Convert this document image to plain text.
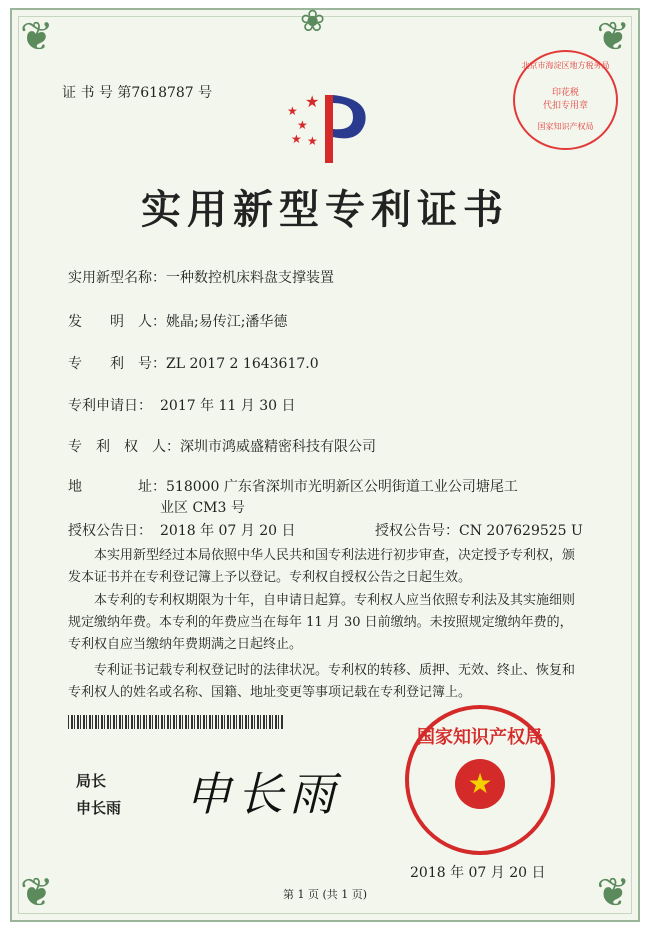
❦	❦
❦	❦
❀
证 书 号 第7618787 号
★
★
★ ★
★
实用新型专利证书
实用新型名称：一种数控机床料盘支撑装置
发　　明　人：姚晶;易传江;潘华德
专　　利　号：ZL 2017 2 1643617.0
专利申请日： 2017 年 11 月 30 日
专　利　权　人：深圳市鸿威盛精密科技有限公司
地　　　　址：518000 广东省深圳市光明新区公明街道工业公司塘尾工
业区 CM3 号
授权公告日： 2018 年 07 月 20 日	授权公告号：CN 207629525 U
本实用新型经过本局依照中华人民共和国专利法进行初步审查，决定授予专利权，颁发本证书并在专利登记簿上予以登记。专利权自授权公告之日起生效。
本专利的专利权期限为十年，自申请日起算。专利权人应当依照专利法及其实施细则规定缴纳年费。本专利的年费应当在每年 11 月 30 日前缴纳。未按照规定缴纳年费的，专利权自应当缴纳年费期满之日起终止。
专利证书记载专利权登记时的法律状况。专利权的转移、质押、无效、终止、恢复和专利权人的姓名或名称、国籍、地址变更等事项记载在专利登记簿上。
局长
申长雨 申长雨
国家知识产权局
★
2018 年 07 月 20 日
北京市海淀区地方税务局
印花税
代扣专用章
国家知识产权局
第 1 页 (共 1 页)
